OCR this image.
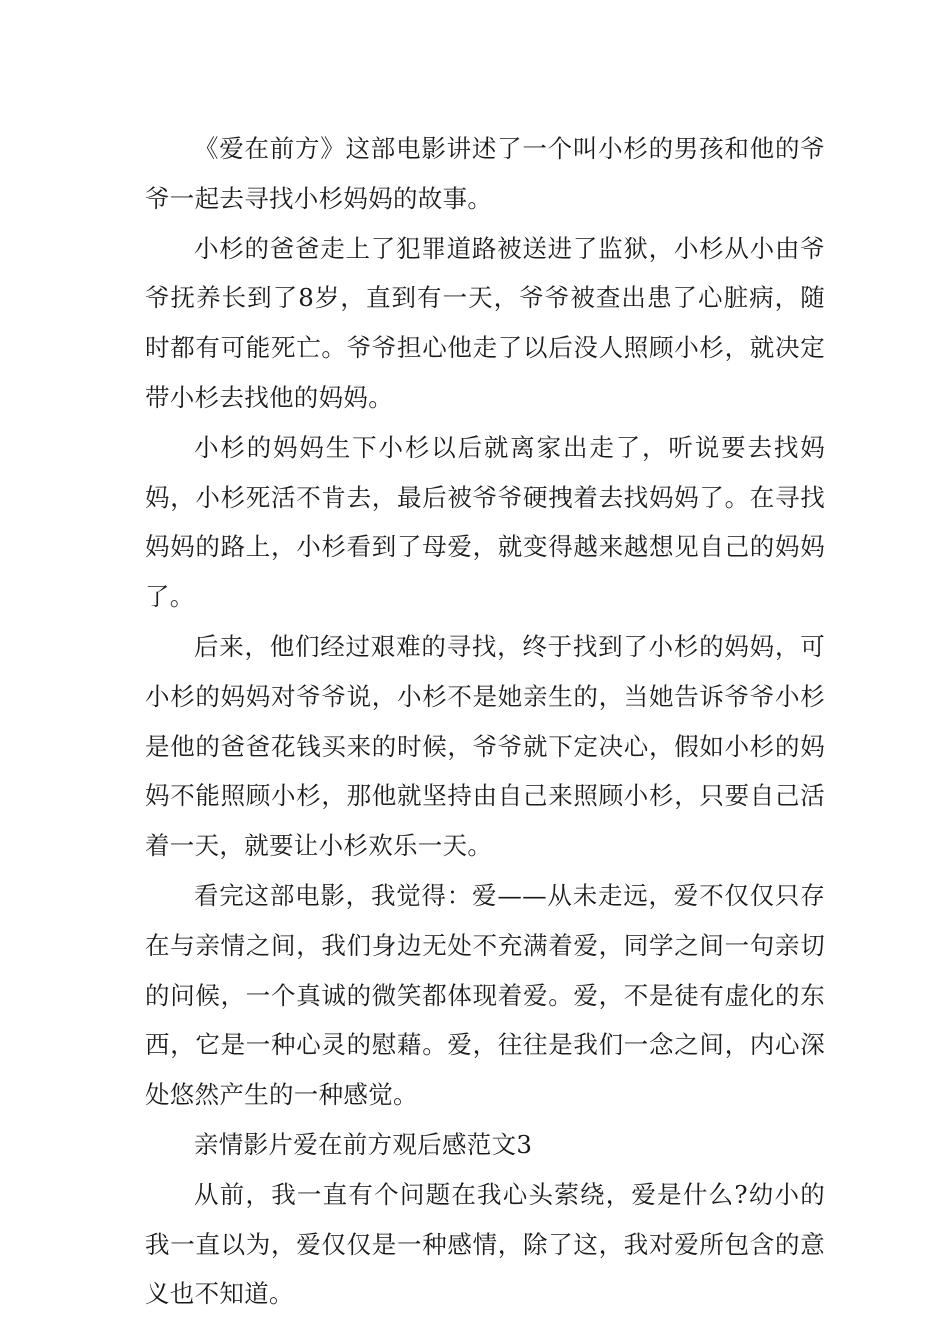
《爱在前方》这部电影讲述了一个叫小杉的男孩和他的爷爷一起去寻找小杉妈妈的故事。

小杉的爸爸走上了犯罪道路被送进了监狱，小杉从小由爷爷抚养长到了8岁，直到有一天，爷爷被查出患了心脏病，随时都有可能死亡。爷爷担心他走了以后没人照顾小杉，就决定带小杉去找他的妈妈。

小杉的妈妈生下小杉以后就离家出走了，听说要去找妈妈，小杉死活不肯去，最后被爷爷硬拽着去找妈妈了。在寻找妈妈的路上，小杉看到了母爱，就变得越来越想见自己的妈妈了。

后来，他们经过艰难的寻找，终于找到了小杉的妈妈，可小杉的妈妈对爷爷说，小杉不是她亲生的，当她告诉爷爷小杉是他的爸爸花钱买来的时候，爷爷就下定决心，假如小杉的妈妈不能照顾小杉，那他就坚持由自己来照顾小杉，只要自己活着一天，就要让小杉欢乐一天。

看完这部电影，我觉得：爱——从未走远，爱不仅仅只存在与亲情之间，我们身边无处不充满着爱，同学之间一句亲切的问候，一个真诚的微笑都体现着爱。爱，不是徒有虚化的东西，它是一种心灵的慰藉。爱，往往是我们一念之间，内心深处悠然产生的一种感觉。

亲情影片爱在前方观后感范文3

从前，我一直有个问题在我心头萦绕，爱是什么?幼小的我一直以为，爱仅仅是一种感情，除了这，我对爱所包含的意义也不知道。
